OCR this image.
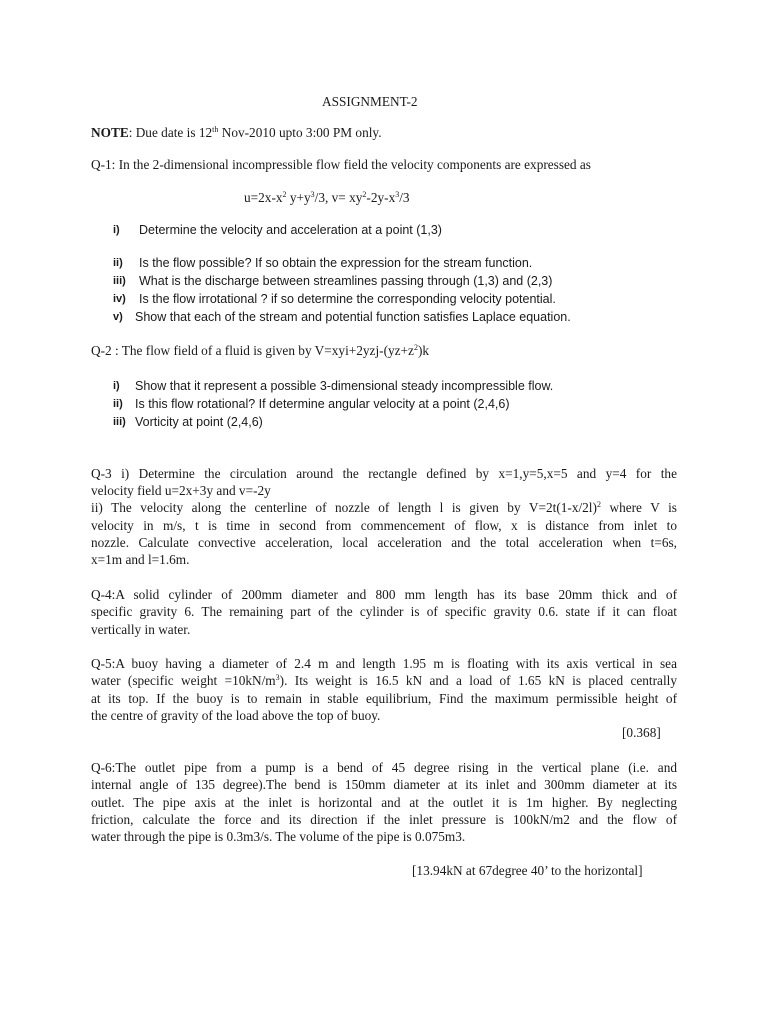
ASSIGNMENT-2
NOTE: Due date is 12th Nov-2010 upto 3:00 PM only.
Q-1: In the 2-dimensional incompressible flow field the velocity components are expressed as
$u=2x-x^2$ $y+y^3/3$, $v= xy^2-2y-x^3/3$
i) Determine the velocity and acceleration at a point (1,3)
ii) Is the flow possible? If so obtain the expression for the stream function.
iii) What is the discharge between streamlines passing through (1,3) and (2,3)
iv) Is the flow irrotational ? if so determine the corresponding velocity potential.
v) Show that each of the stream and potential function satisfies Laplace equation.
Q-2 : The flow field of a fluid is given by $V=xyi+2yzj-(yz+z^2)k$
i) Show that it represent a possible 3-dimensional steady incompressible flow.
ii) Is this flow rotational? If determine angular velocity at a point (2,4,6)
iii) Vorticity at point (2,4,6)
Q-3 i) Determine the circulation around the rectangle defined by x=1,y=5,x=5 and y=4 for the
velocity field u=2x+3y and v=-2y
ii) The velocity along the centerline of nozzle of length l is given by $V=2t(1-x/2l)^2$ where V is
velocity in m/s, t is time in second from commencement of flow, x is distance from inlet to
nozzle. Calculate convective acceleration, local acceleration and the total acceleration when t=6s,
x=1m and l=1.6m.
Q-4:A solid cylinder of 200mm diameter and 800 mm length has its base 20mm thick and of
specific gravity 6. The remaining part of the cylinder is of specific gravity 0.6. state if it can float
vertically in water.
Q-5:A buoy having a diameter of 2.4 m and length 1.95 m is floating with its axis vertical in sea
water (specific weight $=10kN/m^3$). Its weight is 16.5 kN and a load of 1.65 kN is placed centrally
at its top. If the buoy is to remain in stable equilibrium, Find the maximum permissible height of
the centre of gravity of the load above the top of buoy.
[0.368]
Q-6:The outlet pipe from a pump is a bend of 45 degree rising in the vertical plane (i.e. and
internal angle of 135 degree).The bend is 150mm diameter at its inlet and 300mm diameter at its
outlet. The pipe axis at the inlet is horizontal and at the outlet it is 1m higher. By neglecting
friction, calculate the force and its direction if the inlet pressure is 100kN/m2 and the flow of
water through the pipe is 0.3m3/s. The volume of the pipe is 0.075m3.
[13.94kN at 67degree 40’ to the horizontal]
